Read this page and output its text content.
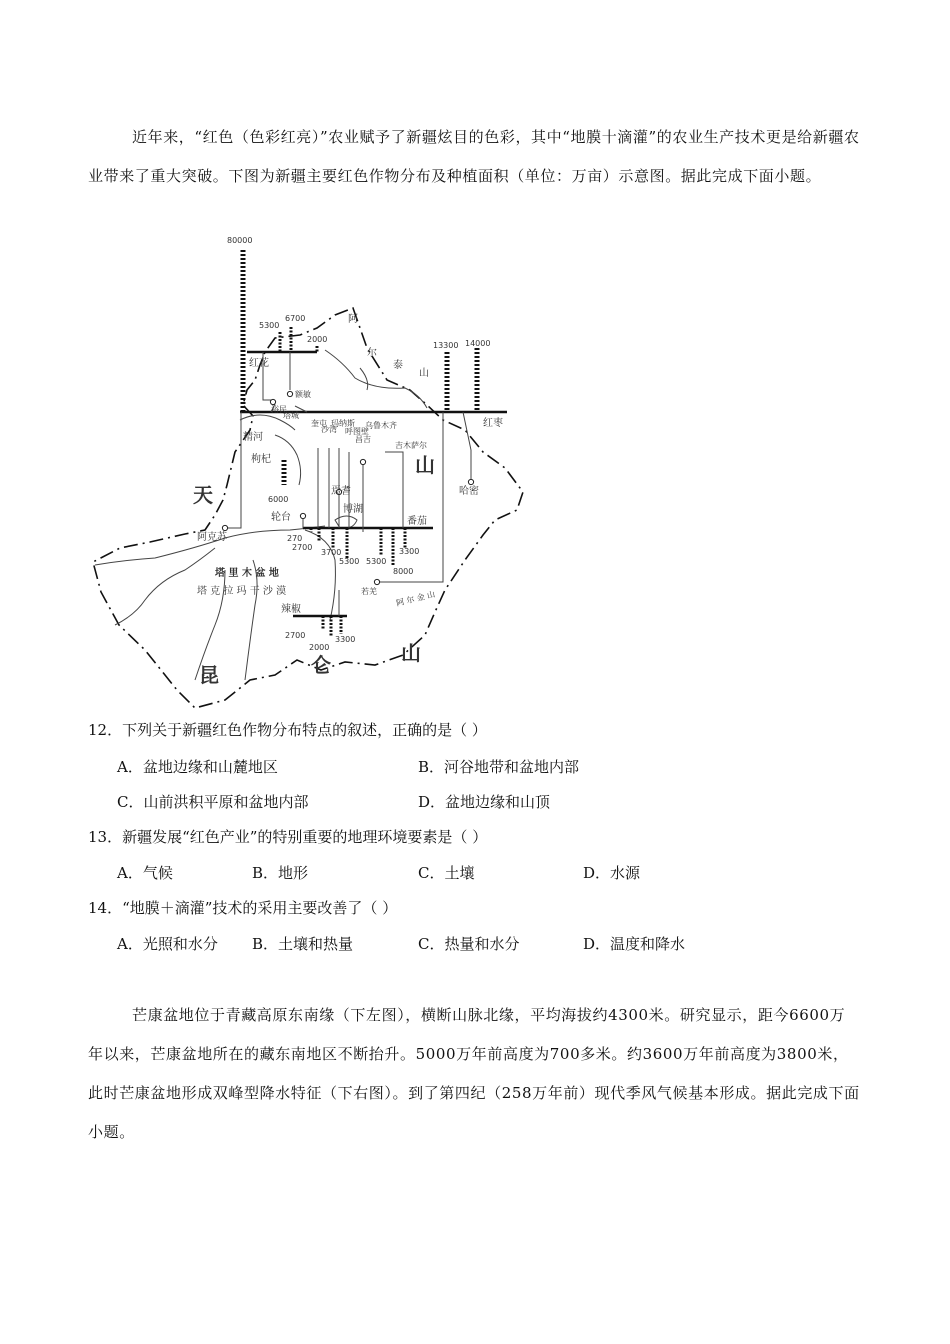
近年来，“红色（色彩红亮）”农业赋予了新疆炫目的色彩，其中“地膜十滴灌”的农业生产技术更是给新疆农业带来了重大突破。下图为新疆主要红色作物分布及种植面积（单位：万亩）示意图。据此完成下面小题。

80000
5300
6700
2000
13300 14000
6000
270
2700
3700
5300 5300
8000
3300
2700
2000
3300
红花
额敏
裕民
塔城
红枣
精河
枸杞
奎屯
沙湾
玛纳斯
呼图壁
昌吉
乌鲁木齐
吉木萨尔
哈密
焉耆
博湖
番茄
轮台
阿克苏
若羌
辣椒
塔 里 木 盆 地
塔 克 拉 玛 干 沙 漠	阿 尔 金 山
阿
尔
泰
山
天
山
昆	仑	山

12．下列关于新疆红色作物分布特点的叙述，正确的是（ ）

A．盆地边缘和山麓地区	B．河谷地带和盆地内部
C．山前洪积平原和盆地内部	D．盆地边缘和山顶

13．新疆发展“红色产业”的特别重要的地理环境要素是（ ）

A．气候	B．地形	C．土壤	D．水源

14．“地膜＋滴灌”技术的采用主要改善了（ ）

A．光照和水分 B．土壤和热量	C．热量和水分	D．温度和降水

芒康盆地位于青藏高原东南缘（下左图），横断山脉北缘，平均海拔约4300米。研究显示，距今6600万年以来，芒康盆地所在的藏东南地区不断抬升。5000万年前高度为700多米。约3600万年前高度为3800米，此时芒康盆地形成双峰型降水特征（下右图）。到了第四纪（258万年前）现代季风气候基本形成。据此完成下面小题。
